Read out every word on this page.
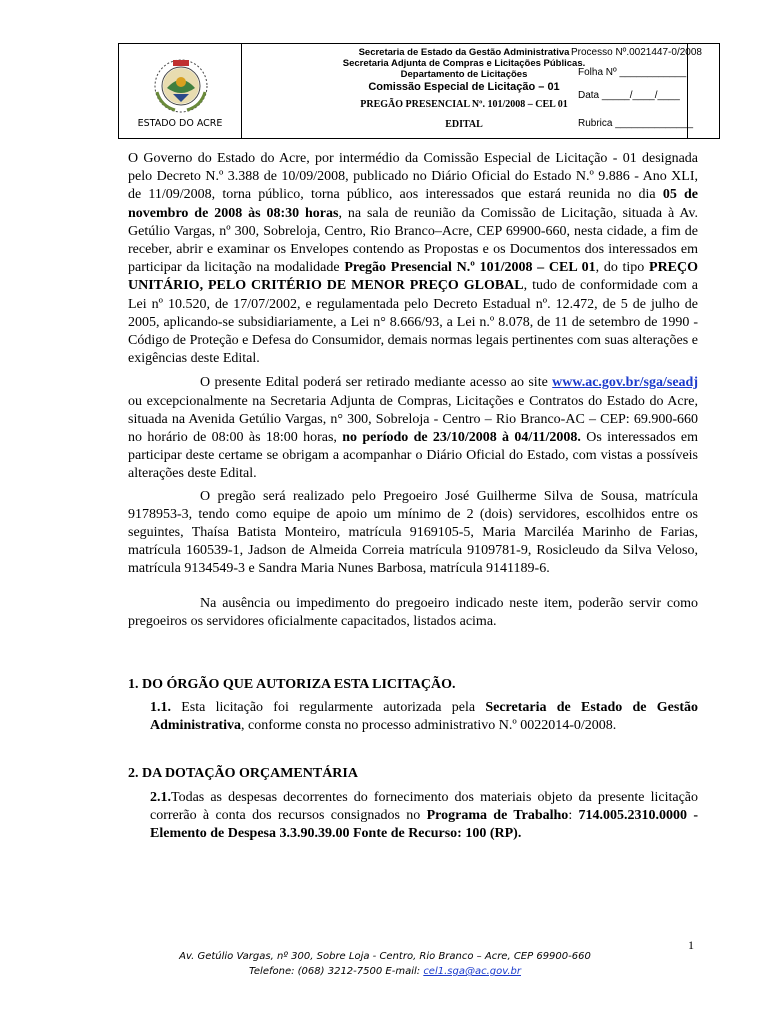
ESTADO DO ACRE
Secretaria de Estado da Gestão Administrativa
Secretaria Adjunta de Compras e Licitações Públicas.
Departamento de Licitações
Comissão Especial de Licitação – 01
PREGÃO PRESENCIAL Nº. 101/2008 – CEL 01
EDITAL
Processo Nº.0021447-0/2008
Folha Nº ____________
Data _____/____/____
Rubrica ______________

O Governo do Estado do Acre, por intermédio da Comissão Especial de Licitação - 01 designada pelo Decreto N.º 3.388 de 10/09/2008, publicado no Diário Oficial do Estado N.º 9.886 - Ano XLI, de 11/09/2008, torna público, torna público, aos interessados que estará reunida no dia 05 de novembro de 2008 às 08:30 horas, na sala de reunião da Comissão de Licitação, situada à Av. Getúlio Vargas, nº 300, Sobreloja, Centro, Rio Branco–Acre, CEP 69900-660, nesta cidade, a fim de receber, abrir e examinar os Envelopes contendo as Propostas e os Documentos dos interessados em participar da licitação na modalidade Pregão Presencial N.º 101/2008 – CEL 01, do tipo PREÇO UNITÁRIO, PELO CRITÉRIO DE MENOR PREÇO GLOBAL, tudo de conformidade com a Lei nº 10.520, de 17/07/2002, e regulamentada pelo Decreto Estadual nº. 12.472, de 5 de julho de 2005, aplicando-se subsidiariamente, a Lei n° 8.666/93, a Lei n.º 8.078, de 11 de setembro de 1990 - Código de Proteção e Defesa do Consumidor, demais normas legais pertinentes com suas alterações e exigências deste Edital.

O presente Edital poderá ser retirado mediante acesso ao site www.ac.gov.br/sga/seadj ou excepcionalmente na Secretaria Adjunta de Compras, Licitações e Contratos do Estado do Acre, situada na Avenida Getúlio Vargas, n° 300, Sobreloja - Centro – Rio Branco-AC – CEP: 69.900-660 no horário de 08:00 às 18:00 horas, no período de 23/10/2008 à 04/11/2008. Os interessados em participar deste certame se obrigam a acompanhar o Diário Oficial do Estado, com vistas a possíveis alterações deste Edital.

O pregão será realizado pelo Pregoeiro José Guilherme Silva de Sousa, matrícula 9178953-3, tendo como equipe de apoio um mínimo de 2 (dois) servidores, escolhidos entre os seguintes, Thaísa Batista Monteiro, matrícula 9169105-5, Maria Marciléa Marinho de Farias, matrícula 160539-1, Jadson de Almeida Correia matrícula 9109781-9, Rosicleudo da Silva Veloso, matrícula 9134549-3 e Sandra Maria Nunes Barbosa, matrícula 9141189-6.

Na ausência ou impedimento do pregoeiro indicado neste item, poderão servir como pregoeiros os servidores oficialmente capacitados, listados acima.

1. DO ÓRGÃO QUE AUTORIZA ESTA LICITAÇÃO.
1.1. Esta licitação foi regularmente autorizada pela Secretaria de Estado de Gestão Administrativa, conforme consta no processo administrativo N.º 0022014-0/2008.
2. DA DOTAÇÃO ORÇAMENTÁRIA
2.1.Todas as despesas decorrentes do fornecimento dos materiais objeto da presente licitação correrão à conta dos recursos consignados no Programa de Trabalho: 714.005.2310.0000 - Elemento de Despesa 3.3.90.39.00 Fonte de Recurso: 100 (RP).
1
Av. Getúlio Vargas, nº 300, Sobre Loja - Centro, Rio Branco – Acre, CEP 69900-660
Telefone: (068) 3212-7500 E-mail: cel1.sga@ac.gov.br
